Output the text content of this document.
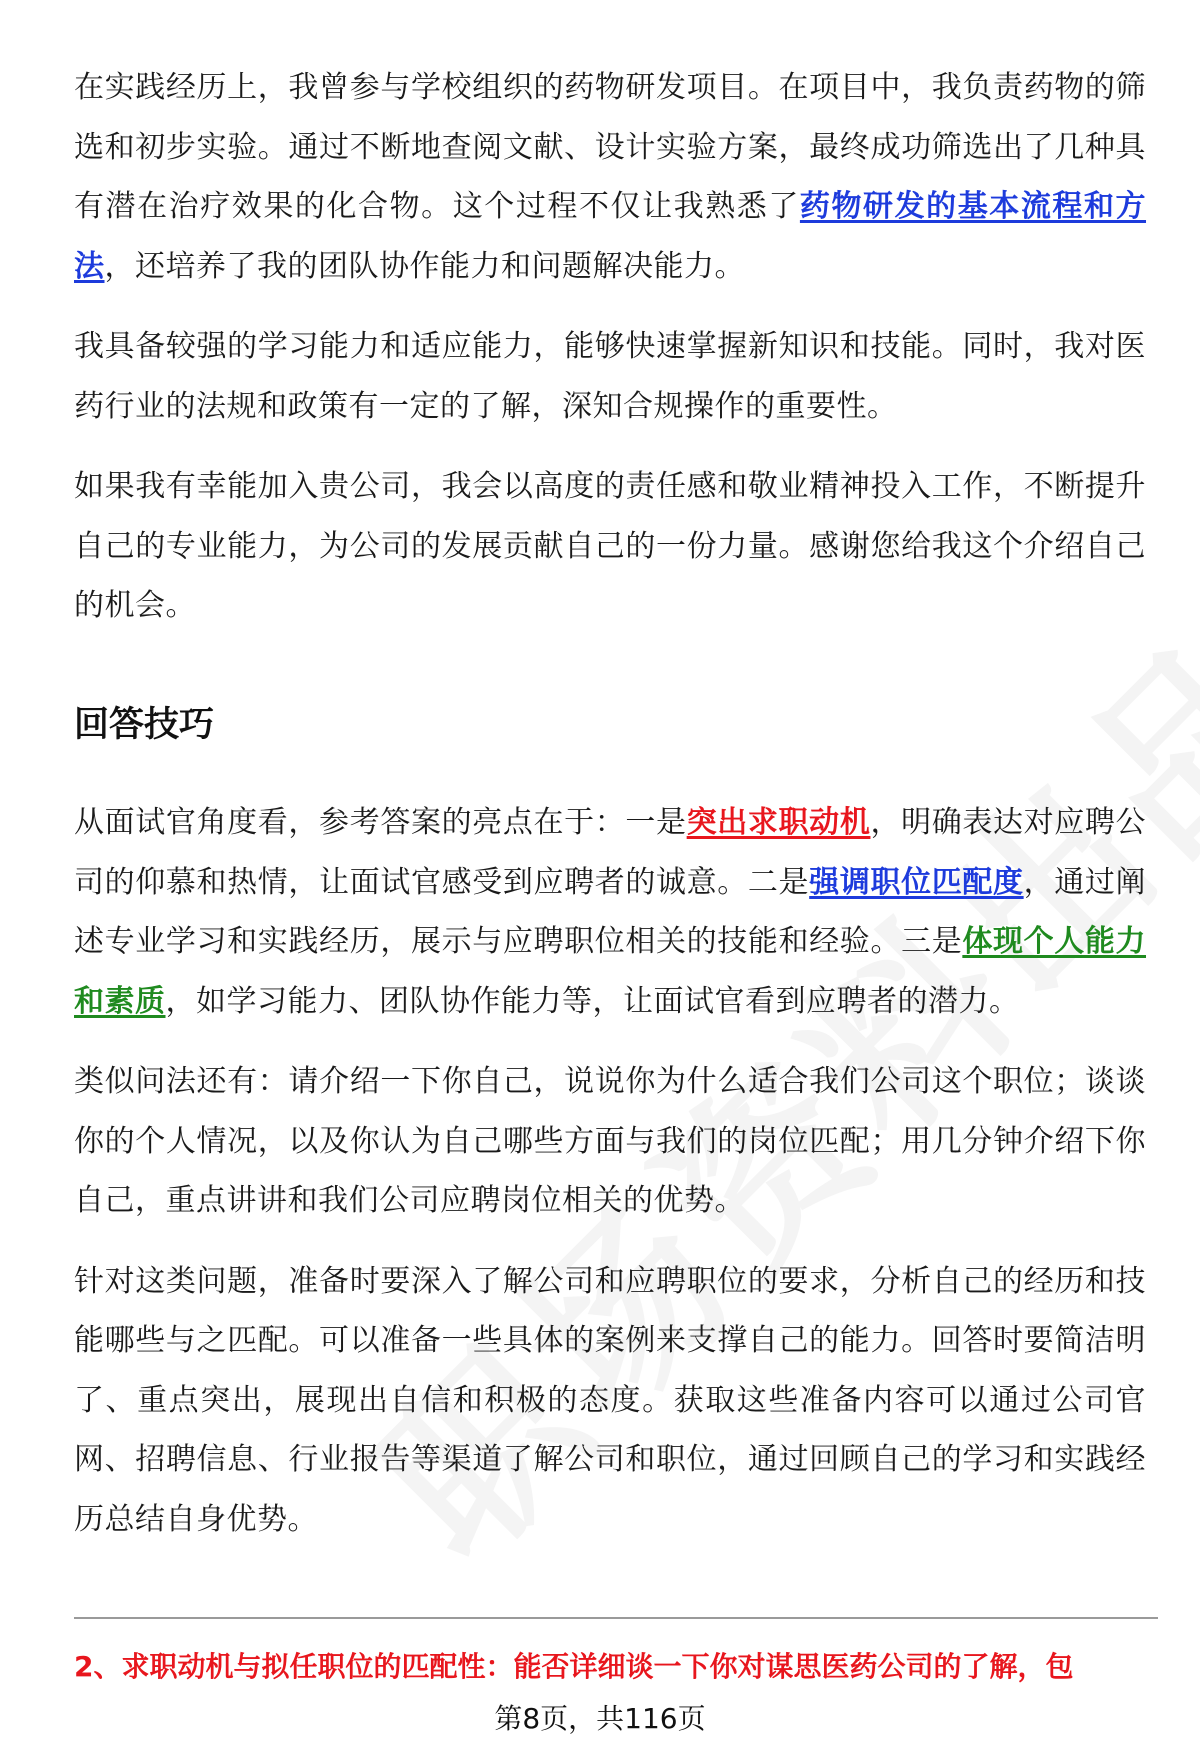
在实践经历上，我曾参与学校组织的药物研发项目。在项目中，我负责药物的筛选和初步实验。通过不断地查阅文献、设计实验方案，最终成功筛选出了几种具有潜在治疗效果的化合物。这个过程不仅让我熟悉了药物研发的基本流程和方法，还培养了我的团队协作能力和问题解决能力。

我具备较强的学习能力和适应能力，能够快速掌握新知识和技能。同时，我对医药行业的法规和政策有一定的了解，深知合规操作的重要性。

如果我有幸能加入贵公司，我会以高度的责任感和敬业精神投入工作，不断提升自己的专业能力，为公司的发展贡献自己的一份力量。感谢您给我这个介绍自己的机会。

回答技巧

从面试官角度看，参考答案的亮点在于：一是突出求职动机，明确表达对应聘公司的仰慕和热情，让面试官感受到应聘者的诚意。二是强调职位匹配度，通过阐述专业学习和实践经历，展示与应聘职位相关的技能和经验。三是体现个人能力和素质，如学习能力、团队协作能力等，让面试官看到应聘者的潜力。

类似问法还有：请介绍一下你自己，说说你为什么适合我们公司这个职位；谈谈你的个人情况，以及你认为自己哪些方面与我们的岗位匹配；用几分钟介绍下你自己，重点讲讲和我们公司应聘岗位相关的优势。

针对这类问题，准备时要深入了解公司和应聘职位的要求，分析自己的经历和技能哪些与之匹配。可以准备一些具体的案例来支撑自己的能力。回答时要简洁明了、重点突出，展现出自信和积极的态度。获取这些准备内容可以通过公司官网、招聘信息、行业报告等渠道了解公司和职位，通过回顾自己的学习和实践经历总结自身优势。

2、求职动机与拟任职位的匹配性：能否详细谈一下你对谋思医药公司的了解，包
第8页，共116页
